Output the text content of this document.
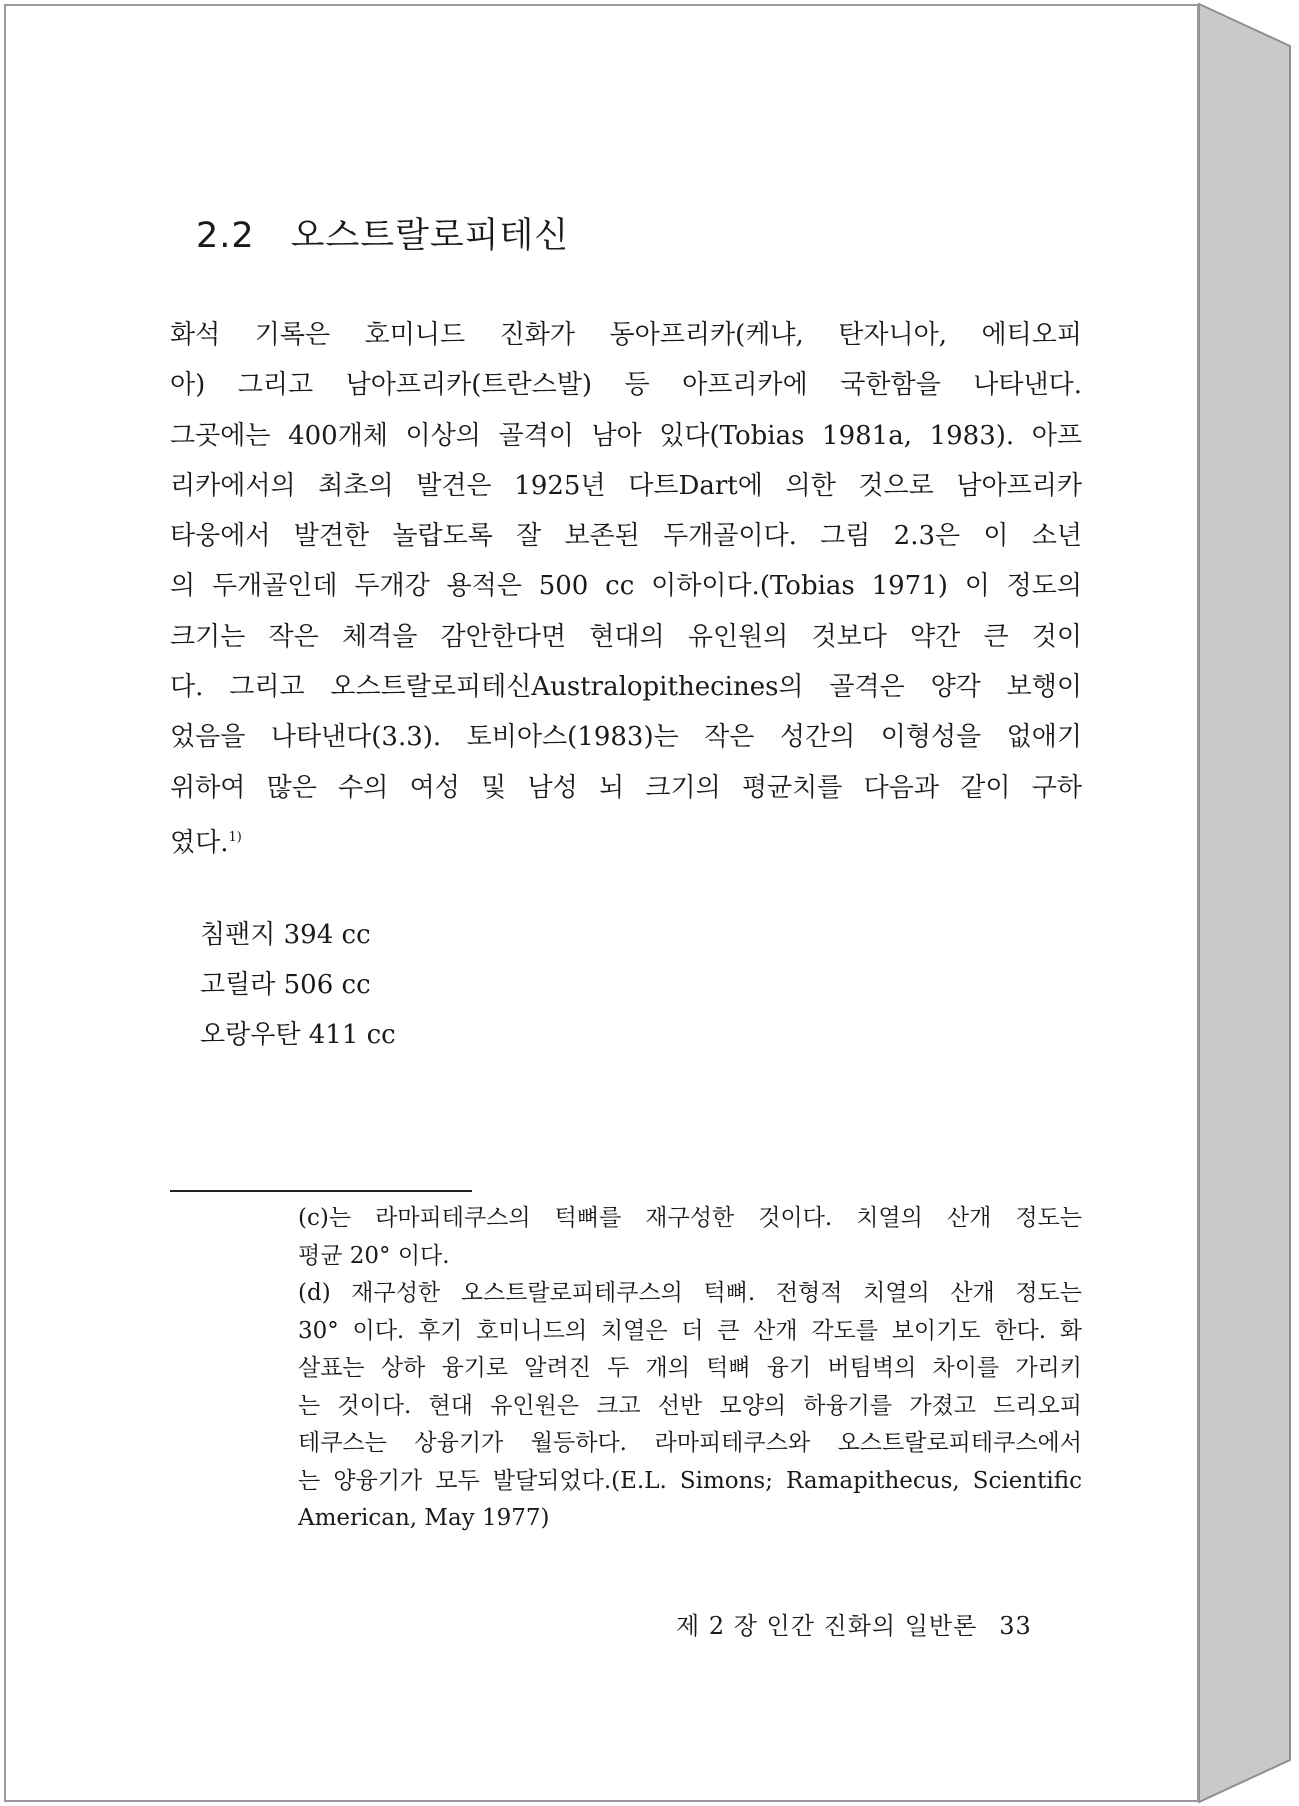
2.2 오스트랄로피테신
화석 기록은 호미니드 진화가 동아프리카(케냐, 탄자니아, 에티오피
아) 그리고 남아프리카(트란스발) 등 아프리카에 국한함을 나타낸다.
그곳에는 400개체 이상의 골격이 남아 있다(Tobias 1981a, 1983). 아프
리카에서의 최초의 발견은 1925년 다트Dart에 의한 것으로 남아프리카
타웅에서 발견한 놀랍도록 잘 보존된 두개골이다. 그림 2.3은 이 소년
의 두개골인데 두개강 용적은 500 cc 이하이다.(Tobias 1971) 이 정도의
크기는 작은 체격을 감안한다면 현대의 유인원의 것보다 약간 큰 것이
다. 그리고 오스트랄로피테신Australopithecines의 골격은 양각 보행이
었음을 나타낸다(3.3). 토비아스(1983)는 작은 성간의 이형성을 없애기
위하여 많은 수의 여성 및 남성 뇌 크기의 평균치를 다음과 같이 구하
였다.$^{1)}$
침팬지 394 cc
고릴라 506 cc
오랑우탄 411 cc
(c)는 라마피테쿠스의 턱뼈를 재구성한 것이다. 치열의 산개 정도는
평균 20° 이다.
(d) 재구성한 오스트랄로피테쿠스의 턱뼈. 전형적 치열의 산개 정도는
30° 이다. 후기 호미니드의 치열은 더 큰 산개 각도를 보이기도 한다. 화
살표는 상하 융기로 알려진 두 개의 턱뼈 융기 버팀벽의 차이를 가리키
는 것이다. 현대 유인원은 크고 선반 모양의 하융기를 가졌고 드리오피
테쿠스는 상융기가 월등하다. 라마피테쿠스와 오스트랄로피테쿠스에서
는 양융기가 모두 발달되었다.(E.L. Simons; Ramapithecus, Scientific
American, May 1977)
제 2 장 인간 진화의 일반론 33
